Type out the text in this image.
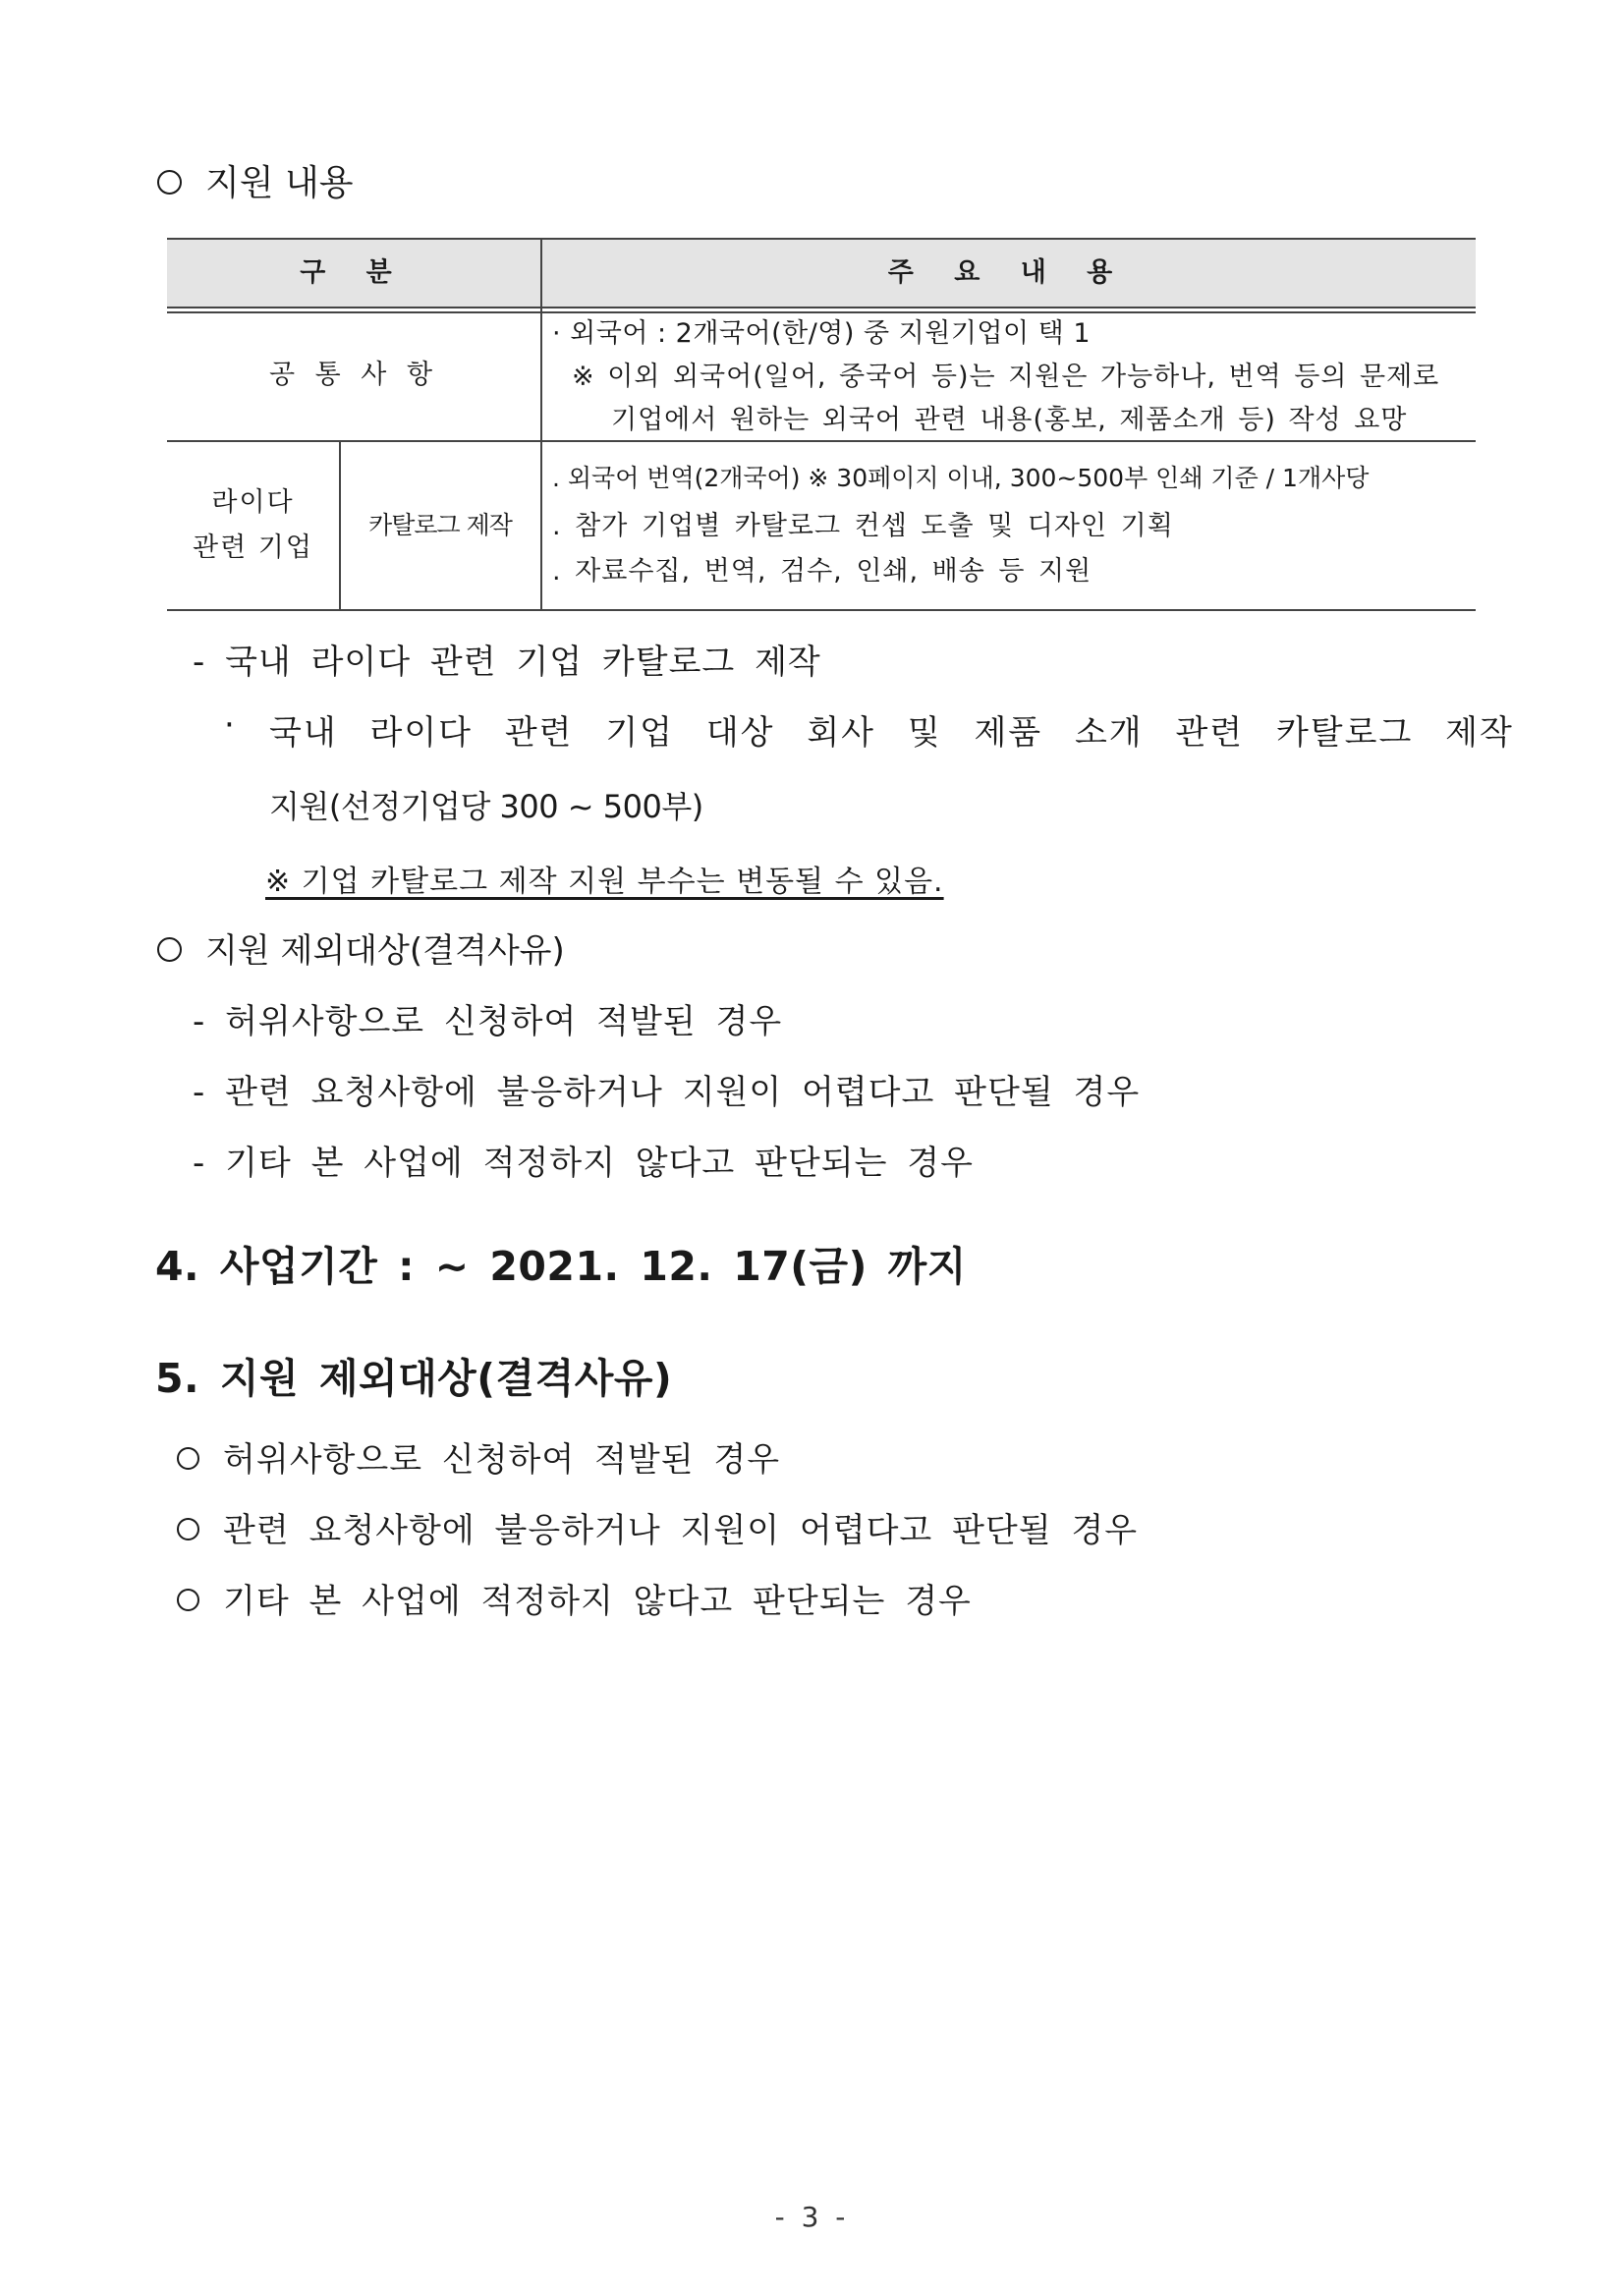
지원 내용
구 분	주 요 내 용
공 통 사 항
· 외국어 : 2개국어(한/영) 중 지원기업이 택 1
※ 이외 외국어(일어, 중국어 등)는 지원은 가능하나, 번역 등의 문제로
기업에서 원하는 외국어 관련 내용(홍보, 제품소개 등) 작성 요망
라이다
관련 기업
카탈로그 제작
. 외국어 번역(2개국어) ※ 30페이지 이내, 300~500부 인쇄 기준 / 1개사당
. 참가 기업별 카탈로그 컨셉 도출 및 디자인 기획
. 자료수집, 번역, 검수, 인쇄, 배송 등 지원
- 국내 라이다 관련 기업 카탈로그 제작
· 국내 라이다 관련 기업 대상 회사 및 제품 소개 관련 카탈로그 제작
지원(선정기업당 300 ~ 500부)
※ 기업 카탈로그 제작 지원 부수는 변동될 수 있음.
지원 제외대상(결격사유)
- 허위사항으로 신청하여 적발된 경우
- 관련 요청사항에 불응하거나 지원이 어렵다고 판단될 경우
- 기타 본 사업에 적정하지 않다고 판단되는 경우
4. 사업기간 : ~ 2021. 12. 17(금) 까지
5. 지원 제외대상(결격사유)
허위사항으로 신청하여 적발된 경우
관련 요청사항에 불응하거나 지원이 어렵다고 판단될 경우
기타 본 사업에 적정하지 않다고 판단되는 경우
- 3 -
